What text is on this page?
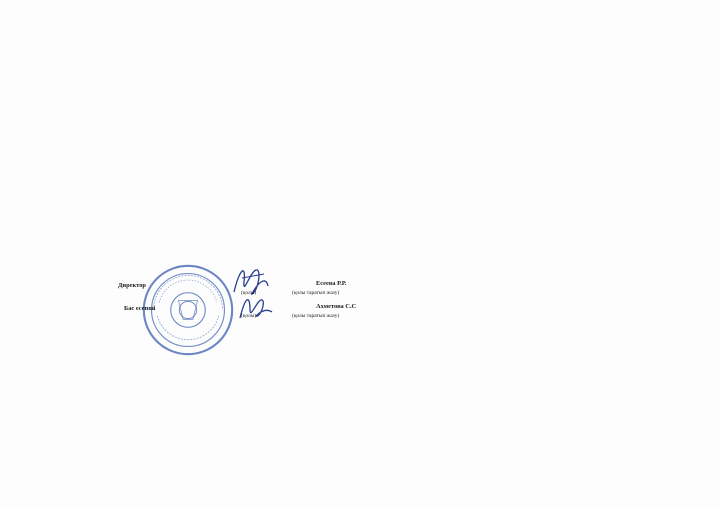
Директор
(қолы)
Есеева Р.Р.
(қолы таратып жазу)
Бас есепші
(қолы)
Ахметова С.С
(қолы таратып жазу)
